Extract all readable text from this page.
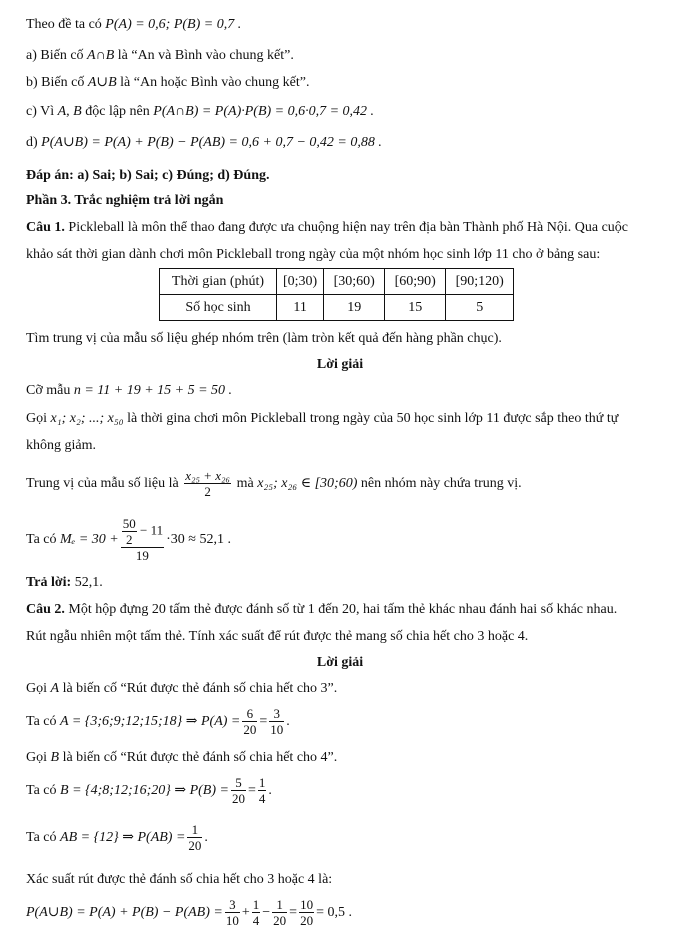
Theo đề ta có P(A) = 0,6; P(B) = 0,7 .
a) Biến cố A∩B là “An và Bình vào chung kết”.
b) Biến cố A∪B là “An hoặc Bình vào chung kết”.
c) Vì A, B độc lập nên P(A∩B) = P(A)·P(B) = 0,6·0,7 = 0,42 .
d) P(A∪B) = P(A) + P(B) − P(AB) = 0,6 + 0,7 − 0,42 = 0,88 .
Đáp án: a) Sai; b) Sai; c) Đúng; d) Đúng.
Phần 3. Trắc nghiệm trả lời ngắn
Câu 1. Pickleball là môn thể thao đang được ưa chuộng hiện nay trên địa bàn Thành phố Hà Nội. Qua cuộc
khảo sát thời gian dành chơi môn Pickleball trong ngày của một nhóm học sinh lớp 11 cho ở bảng sau:
Thời gian (phút)	[0;30)	[30;60)	[60;90)	[90;120)
Số học sinh	11	19	15	5
Tìm trung vị của mẫu số liệu ghép nhóm trên (làm tròn kết quả đến hàng phần chục).
Lời giải
Cỡ mẫu n = 11 + 19 + 15 + 5 = 50 .
Gọi x₁; x₂; ...; x₅₀ là thời gina chơi môn Pickleball trong ngày của 50 học sinh lớp 11 được sắp theo thứ tự
không giảm.
Trung vị của mẫu số liệu là $\frac{\text{x₂₅ + x₂₆}}{2}$ mà x₂₅; x₂₆ ∈ [30;60) nên nhóm này chứa trung vị.
Ta có $M_e = 30 + \frac{\frac{50}{2} - 11}{19} \cdot 30 \approx 52,1$ .
Trả lời: 52,1.
Câu 2. Một hộp đựng 20 tấm thẻ được đánh số từ 1 đến 20, hai tấm thẻ khác nhau đánh hai số khác nhau.
Rút ngẫu nhiên một tấm thẻ. Tính xác suất để rút được thẻ mang số chia hết cho 3 hoặc 4.
Lời giải
Gọi A là biến cố “Rút được thẻ đánh số chia hết cho 3”.
Ta có A = {3;6;9;12;15;18} ⇒ $P(A) = \frac{6}{20} = \frac{3}{10}$ .
Gọi B là biến cố “Rút được thẻ đánh số chia hết cho 4”.
Ta có B = {4;8;12;16;20} ⇒ $P(B) = \frac{5}{20} = \frac{1}{4}$ .
Ta có AB = {12} ⇒ $P(AB) = \frac{1}{20}$ .
Xác suất rút được thẻ đánh số chia hết cho 3 hoặc 4 là:
P(A∪B) = $P(A) + P(B) - P(AB) = \frac{3}{10} + \frac{1}{4} - \frac{1}{20} = \frac{10}{20} = 0,5$ .
